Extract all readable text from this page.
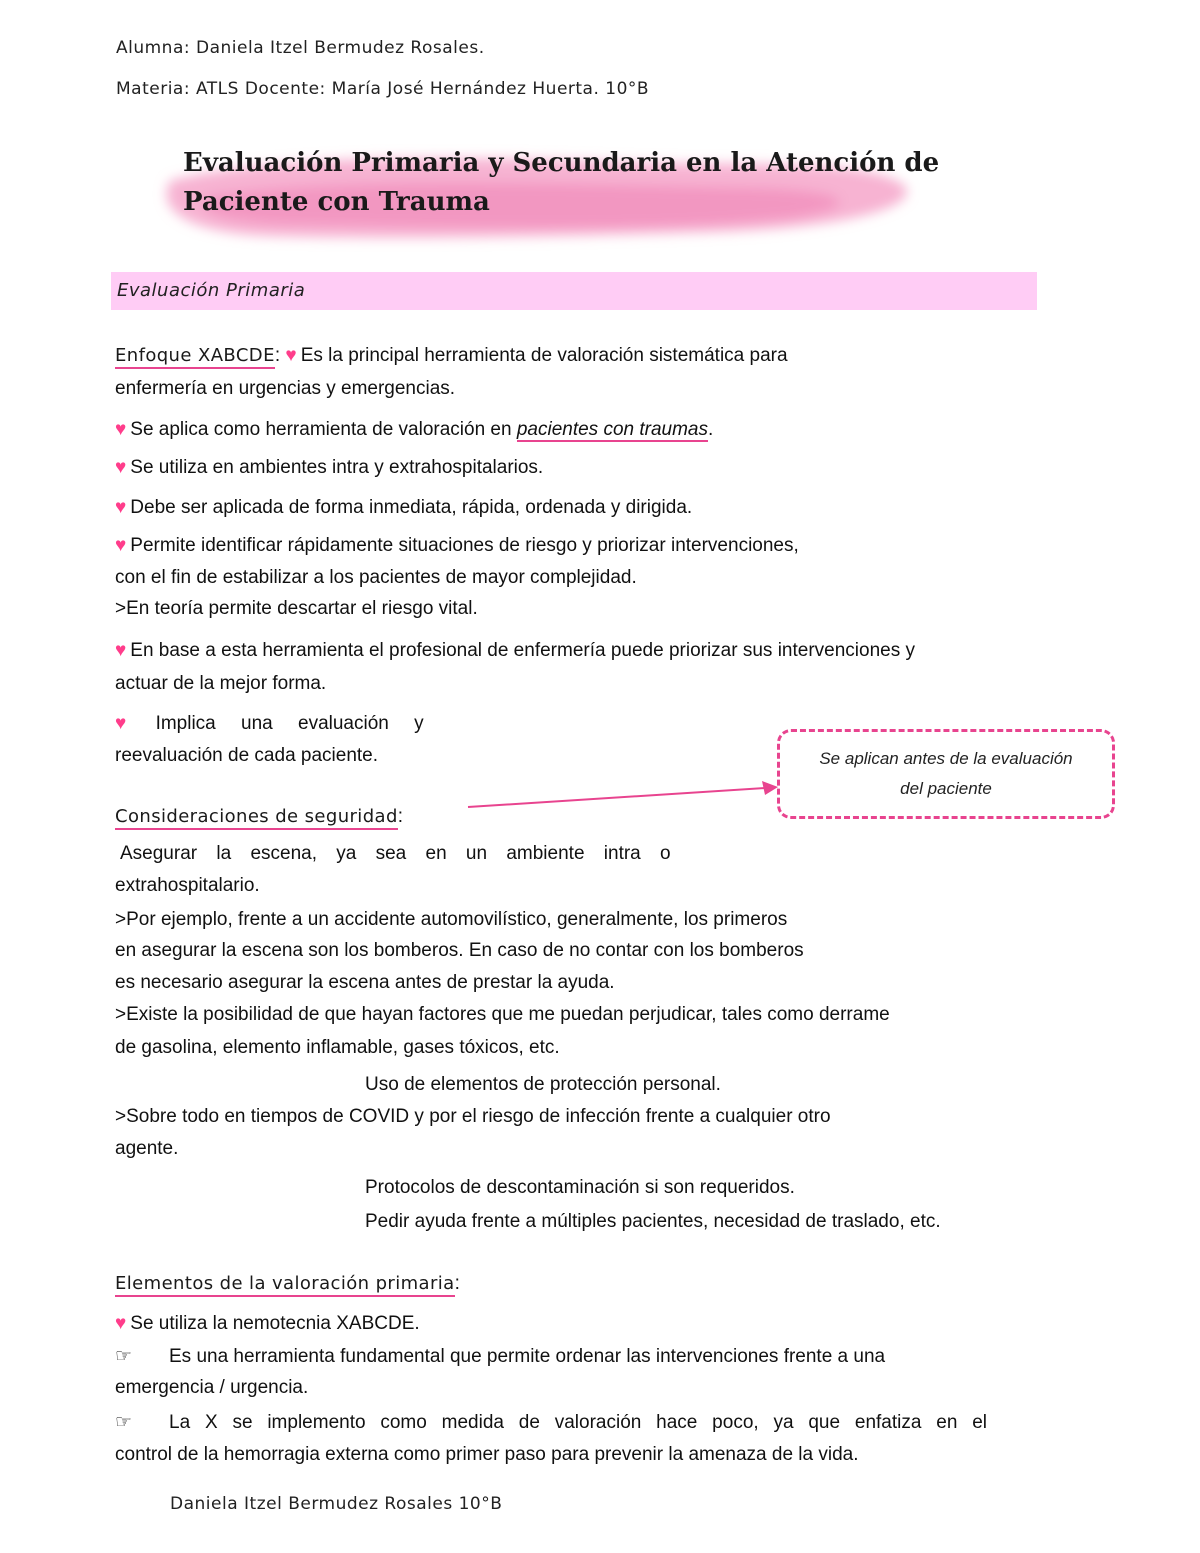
Alumna: Daniela Itzel Bermudez Rosales.
Materia: ATLS Docente: María José Hernández Huerta. 10°B
Evaluación Primaria y Secundaria en la Atención de
Paciente con Trauma
Evaluación Primaria
Enfoque XABCDE: ♥ Es la principal herramienta de valoración sistemática para
enfermería en urgencias y emergencias.
♥ Se aplica como herramienta de valoración en pacientes con traumas.
♥ Se utiliza en ambientes intra y extrahospitalarios.
♥ Debe ser aplicada de forma inmediata, rápida, ordenada y dirigida.
♥ Permite identificar rápidamente situaciones de riesgo y priorizar intervenciones,
con el fin de estabilizar a los pacientes de mayor complejidad.
>En teoría permite descartar el riesgo vital.
♥ En base a esta herramienta el profesional de enfermería puede priorizar sus intervenciones y
actuar de la mejor forma.
♥ Implica una evaluación y
reevaluación de cada paciente.	Se aplican antes de la evaluación
del paciente
Consideraciones de seguridad:
Asegurar la escena, ya sea en un ambiente intra o
extrahospitalario.
>Por ejemplo, frente a un accidente automovilístico, generalmente, los primeros
en asegurar la escena son los bomberos. En caso de no contar con los bomberos
es necesario asegurar la escena antes de prestar la ayuda.
>Existe la posibilidad de que hayan factores que me puedan perjudicar, tales como derrame
de gasolina, elemento inflamable, gases tóxicos, etc.
Uso de elementos de protección personal.
>Sobre todo en tiempos de COVID y por el riesgo de infección frente a cualquier otro
agente.
Protocolos de descontaminación si son requeridos.
Pedir ayuda frente a múltiples pacientes, necesidad de traslado, etc.
Elementos de la valoración primaria:
♥ Se utiliza la nemotecnia XABCDE.
☞ Es una herramienta fundamental que permite ordenar las intervenciones frente a una
emergencia / urgencia.
☞	La X se implemento como medida de valoración hace poco, ya que enfatiza en el
control de la hemorragia externa como primer paso para prevenir la amenaza de la vida.
Daniela Itzel Bermudez Rosales 10°B
